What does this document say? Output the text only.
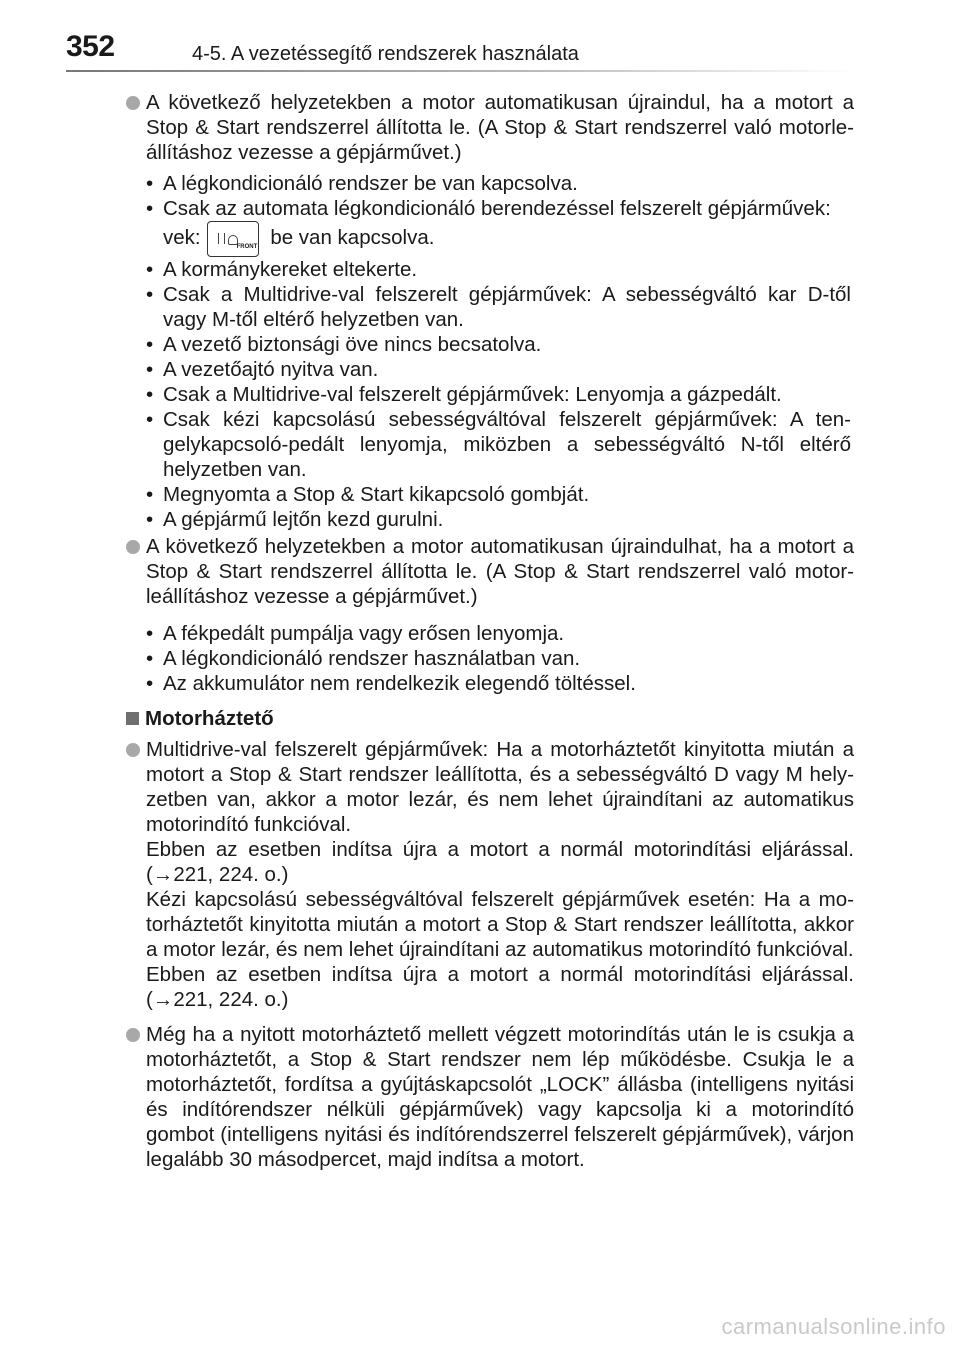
352	4-5. A vezetéssegítő rendszerek használata
A következő helyzetekben a motor automatikusan újraindul, ha a motort a Stop & Start rendszerrel állította le. (A Stop & Start rendszerrel való motorleállításhoz vezesse a gépjárművet.)
• A légkondicionáló rendszer be van kapcsolva.
• Csak az automata légkondicionáló berendezéssel felszerelt gépjárművek:
vek:	FRONT be van kapcsolva.
• A kormánykereket eltekerte.
• Csak a Multidrive-val felszerelt gépjárművek: A sebességváltó kar D-től vagy M-től eltérő helyzetben van.
• A vezető biztonsági öve nincs becsatolva.
• A vezetőajtó nyitva van.
• Csak a Multidrive-val felszerelt gépjárművek: Lenyomja a gázpedált.
• Csak kézi kapcsolású sebességváltóval felszerelt gépjárművek: A tengelykapcsoló-pedált lenyomja, miközben a sebességváltó N-től eltérő helyzetben van.
• Megnyomta a Stop & Start kikapcsoló gombját.
• A gépjármű lejtőn kezd gurulni.
A következő helyzetekben a motor automatikusan újraindulhat, ha a motort a Stop & Start rendszerrel állította le. (A Stop & Start rendszerrel való motorleállításhoz vezesse a gépjárművet.)
• A fékpedált pumpálja vagy erősen lenyomja.
• A légkondicionáló rendszer használatban van.
• Az akkumulátor nem rendelkezik elegendő töltéssel.
Motorháztető
Multidrive-val felszerelt gépjárművek: Ha a motorháztetőt kinyitotta miután a motort a Stop & Start rendszer leállította, és a sebességváltó D vagy M helyzetben van, akkor a motor lezár, és nem lehet újraindítani az automatikus motorindító funkcióval.
Ebben az esetben indítsa újra a motort a normál motorindítási eljárással. (→221, 224. o.)
Kézi kapcsolású sebességváltóval felszerelt gépjárművek esetén: Ha a motorháztetőt kinyitotta miután a motort a Stop & Start rendszer leállította, akkor a motor lezár, és nem lehet újraindítani az automatikus motorindító funkcióval.
Ebben az esetben indítsa újra a motort a normál motorindítási eljárással. (→221, 224. o.)
Még ha a nyitott motorháztető mellett végzett motorindítás után le is csukja a motorháztetőt, a Stop & Start rendszer nem lép működésbe. Csukja le a motorháztetőt, fordítsa a gyújtáskapcsolót „LOCK” állásba (intelligens nyitási és indítórendszer nélküli gépjárművek) vagy kapcsolja ki a motorindító gombot (intelligens nyitási és indítórendszerrel felszerelt gépjárművek), várjon legalább 30 másodpercet, majd indítsa a motort.
carmanualsonline.info
